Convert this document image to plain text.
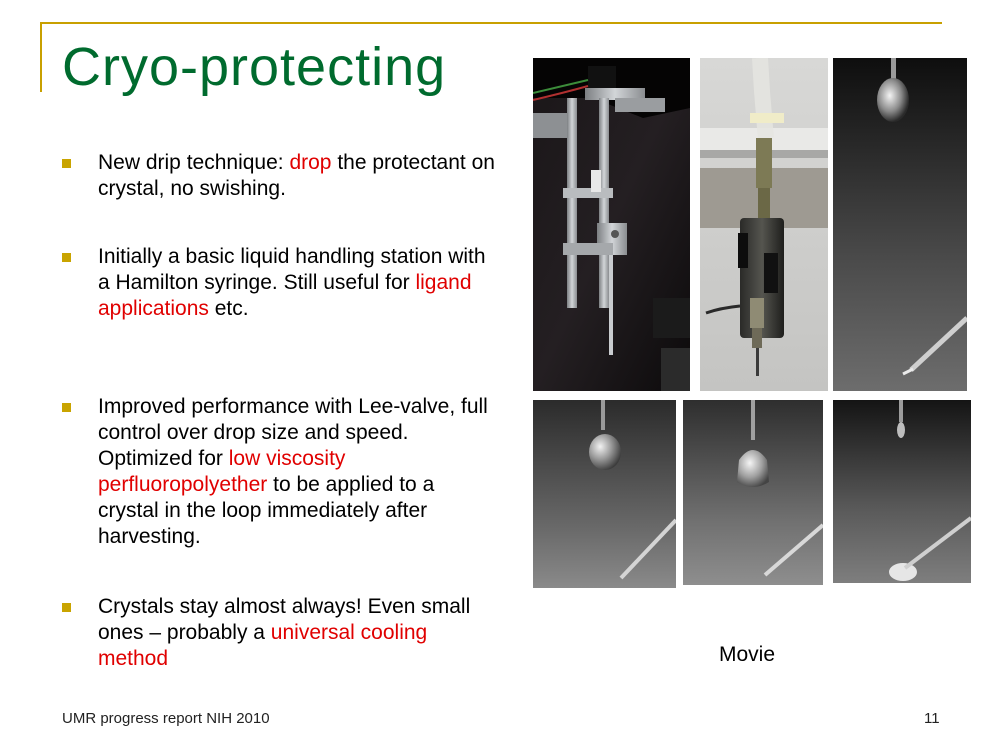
Cryo-protecting
New drip technique: drop the protectant on crystal, no swishing.
Initially a basic liquid handling station with a Hamilton syringe. Still useful for ligand applications etc.
Improved performance with Lee-valve, full control over drop size and speed. Optimized for low viscosity perfluoropolyether to be applied to a crystal in the loop immediately after harvesting.
Crystals stay almost always! Even small ones – probably a universal cooling method	Movie
UMR progress report NIH 2010	11
